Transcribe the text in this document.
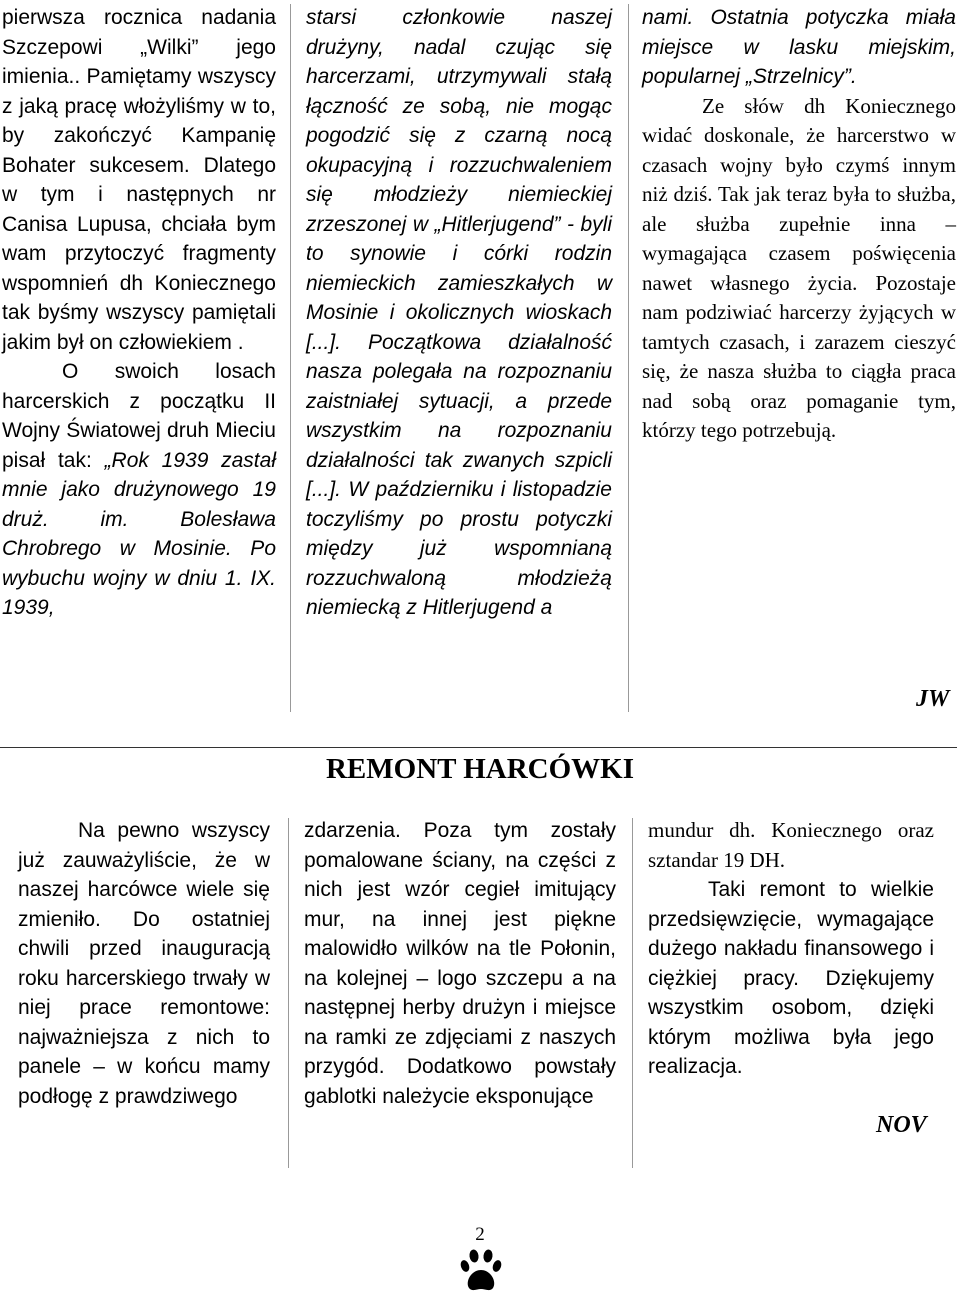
pierwsza rocznica nadania Szczepowi „Wilki” jego imienia.. Pamiętamy wszyscy z jaką pracę włożyliśmy w to, by zakończyć Kampanię Bohater sukcesem. Dlatego w tym i następnych nr Canisa Lupusa, chciała bym wam przytoczyć fragmenty wspomnień dh Koniecznego tak byśmy wszyscy pamiętali jakim był on człowiekiem .

O swoich losach harcerskich z początku II Wojny Światowej druh Mieciu pisał tak: „Rok 1939 zastał mnie jako drużynowego 19 druż. im. Bolesława Chrobrego w Mosinie. Po wybuchu wojny w dniu 1. IX. 1939,

starsi członkowie naszej drużyny, nadal czując się harcerzami, utrzymywali stałą łączność ze sobą, nie mogąc pogodzić się z czarną nocą okupacyjną i rozzuchwaleniem się młodzieży niemieckiej zrzeszonej w „Hitlerjugend” - byli to synowie i córki rodzin niemieckich zamieszkałych w Mosinie i okolicznych wioskach [...]. Początkowa działalność nasza polegała na rozpoznaniu zaistniałej sytuacji, a przede wszystkim na rozpoznaniu działalności tak zwanych szpicli [...]. W październiku i listopadzie toczyliśmy po prostu potyczki między już wspomnianą rozzuchwaloną młodzieżą niemiecką z Hitlerjugend a

nami. Ostatnia potyczka miała miejsce w lasku miejskim, popularnej „Strzelnicy”.

Ze słów dh Koniecznego widać doskonale, że harcerstwo w czasach wojny było czymś innym niż dziś. Tak jak teraz była to służba, ale służba zupełnie inna – wymagająca czasem poświęcenia nawet własnego życia. Pozostaje nam podziwiać harcerzy żyjących w tamtych czasach, i zarazem cieszyć się, że nasza służba to ciągła praca nad sobą oraz pomaganie tym, którzy tego potrzebują.

JW
REMONT HARCÓWKI

Na pewno wszyscy już zauważyliście, że w naszej harcówce wiele się zmieniło. Do ostatniej chwili przed inauguracją roku harcerskiego trwały w niej prace remontowe: najważniejsza z nich to panele – w końcu mamy podłogę z prawdziwego

zdarzenia. Poza tym zostały pomalowane ściany, na części z nich jest wzór cegieł imitujący mur, na innej jest piękne malowidło wilków na tle Połonin, na kolejnej – logo szczepu a na następnej herby drużyn i miejsce na ramki ze zdjęciami z naszych przygód. Dodatkowo powstały gablotki należycie eksponujące

mundur dh. Koniecznego oraz sztandar 19 DH.

Taki remont to wielkie przedsięwzięcie, wymagające dużego nakładu finansowego i ciężkiej pracy. Dziękujemy wszystkim osobom, dzięki którym możliwa była jego realizacja.

NOV
2
